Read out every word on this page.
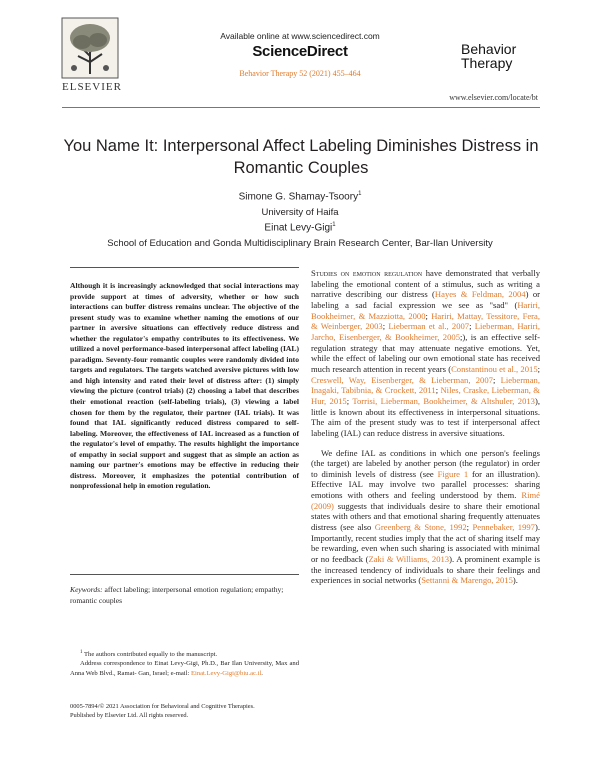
ELSEVIER
Available online at www.sciencedirect.com
ScienceDirect
Behavior Therapy 52 (2021) 455–464
Behavior
Therapy
www.elsevier.com/locate/bt
You Name It: Interpersonal Affect Labeling Diminishes Distress in
Romantic Couples
Simone G. Shamay-Tsoory$^1$
University of Haifa
Einat Levy-Gigi$^1$
School of Education and Gonda Multidisciplinary Brain Research Center, Bar-Ilan University
Although it is increasingly acknowledged that social interactions may provide support at times of adversity, whether or how such interactions can buffer distress remains unclear. The objective of the present study was to examine whether naming the emotions of our partner in aversive situations can effectively reduce distress and whether the regulator's empathy contributes to its effectiveness. We utilized a novel performance-based interpersonal affect labeling (IAL) paradigm. Seventy-four romantic couples were randomly divided into targets and regulators. The targets watched aversive pictures with low and high intensity and rated their level of distress after: (1) simply viewing the picture (control trials) (2) choosing a label that describes their emotional reaction (self-labeling trials), (3) viewing a label chosen for them by the regulator, their partner (IAL trials). It was found that IAL significantly reduced distress compared to self-labeling. Moreover, the effectiveness of IAL increased as a function of the regulator's level of empathy. The results highlight the importance of empathy in social support and suggest that as simple an action as naming our partner's emotions may be effective in reducing their distress. Moreover, it emphasizes the potential contribution of nonprofessional help in emotion regulation.
Keywords: affect labeling; interpersonal emotion regulation; empathy; romantic couples

$^1$ The authors contributed equally to the manuscript.

Address correspondence to Einat Levy-Gigi, Ph.D., Bar Ilan University, Max and Anna Web Blvd., Ramat- Gan, Israel; e-mail: Einat.Levy-Gigi@biu.ac.il.

0005-7894/© 2021 Association for Behavioral and Cognitive Therapies.
Published by Elsevier Ltd. All rights reserved.

Studies on emotion regulation have demonstrated that verbally labeling the emotional content of a stimulus, such as writing a narrative describing our distress (Hayes & Feldman, 2004) or labeling a sad facial expression we see as "sad" (Hariri, Bookheimer, & Mazziotta, 2000; Hariri, Mattay, Tessitore, Fera, & Weinberger, 2003; Lieberman et al., 2007; Lieberman, Hariri, Jarcho, Eisenberger, & Bookheimer, 2005;), is an effective self-regulation strategy that may attenuate negative emotions. Yet, while the effect of labeling our own emotional state has received much research attention in recent years (Constantinou et al., 2015; Creswell, Way, Eisenberger, & Lieberman, 2007; Lieberman, Inagaki, Tabibnia, & Crockett, 2011; Niles, Craske, Lieberman, & Hur, 2015; Torrisi, Lieberman, Bookheimer, & Altshuler, 2013), little is known about its effectiveness in interpersonal situations. The aim of the present study was to test if interpersonal affect labeling (IAL) can reduce distress in aversive situations.

We define IAL as conditions in which one person's feelings (the target) are labeled by another person (the regulator) in order to diminish levels of distress (see Figure 1 for an illustration). Effective IAL may involve two parallel processes: sharing emotions with others and feeling understood by them. Rimé (2009) suggests that individuals desire to share their emotional states with others and that emotional sharing frequently attenuates distress (see also Greenberg & Stone, 1992; Pennebaker, 1997). Importantly, recent studies imply that the act of sharing itself may be rewarding, even when such sharing is associated with minimal or no feedback (Zaki & Williams, 2013). A prominent example is the increased tendency of individuals to share their feelings and experiences in social networks (Settanni & Marengo, 2015).
